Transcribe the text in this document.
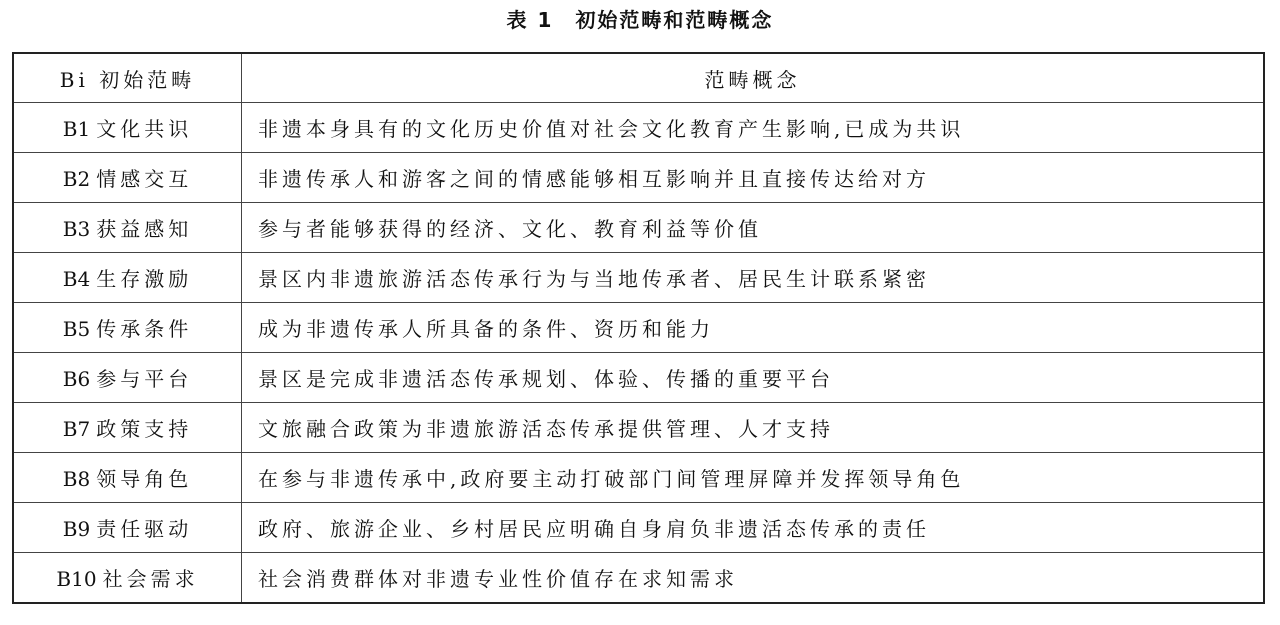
表 1 初始范畴和范畴概念
Bi 初始范畴	范畴概念
B1 文化共识	非遗本身具有的文化历史价值对社会文化教育产生影响,已成为共识
B2 情感交互	非遗传承人和游客之间的情感能够相互影响并且直接传达给对方
B3 获益感知	参与者能够获得的经济、文化、教育利益等价值
B4 生存激励	景区内非遗旅游活态传承行为与当地传承者、居民生计联系紧密
B5 传承条件	成为非遗传承人所具备的条件、资历和能力
B6 参与平台	景区是完成非遗活态传承规划、体验、传播的重要平台
B7 政策支持	文旅融合政策为非遗旅游活态传承提供管理、人才支持
B8 领导角色	在参与非遗传承中,政府要主动打破部门间管理屏障并发挥领导角色
B9 责任驱动	政府、旅游企业、乡村居民应明确自身肩负非遗活态传承的责任
B10 社会需求	社会消费群体对非遗专业性价值存在求知需求
